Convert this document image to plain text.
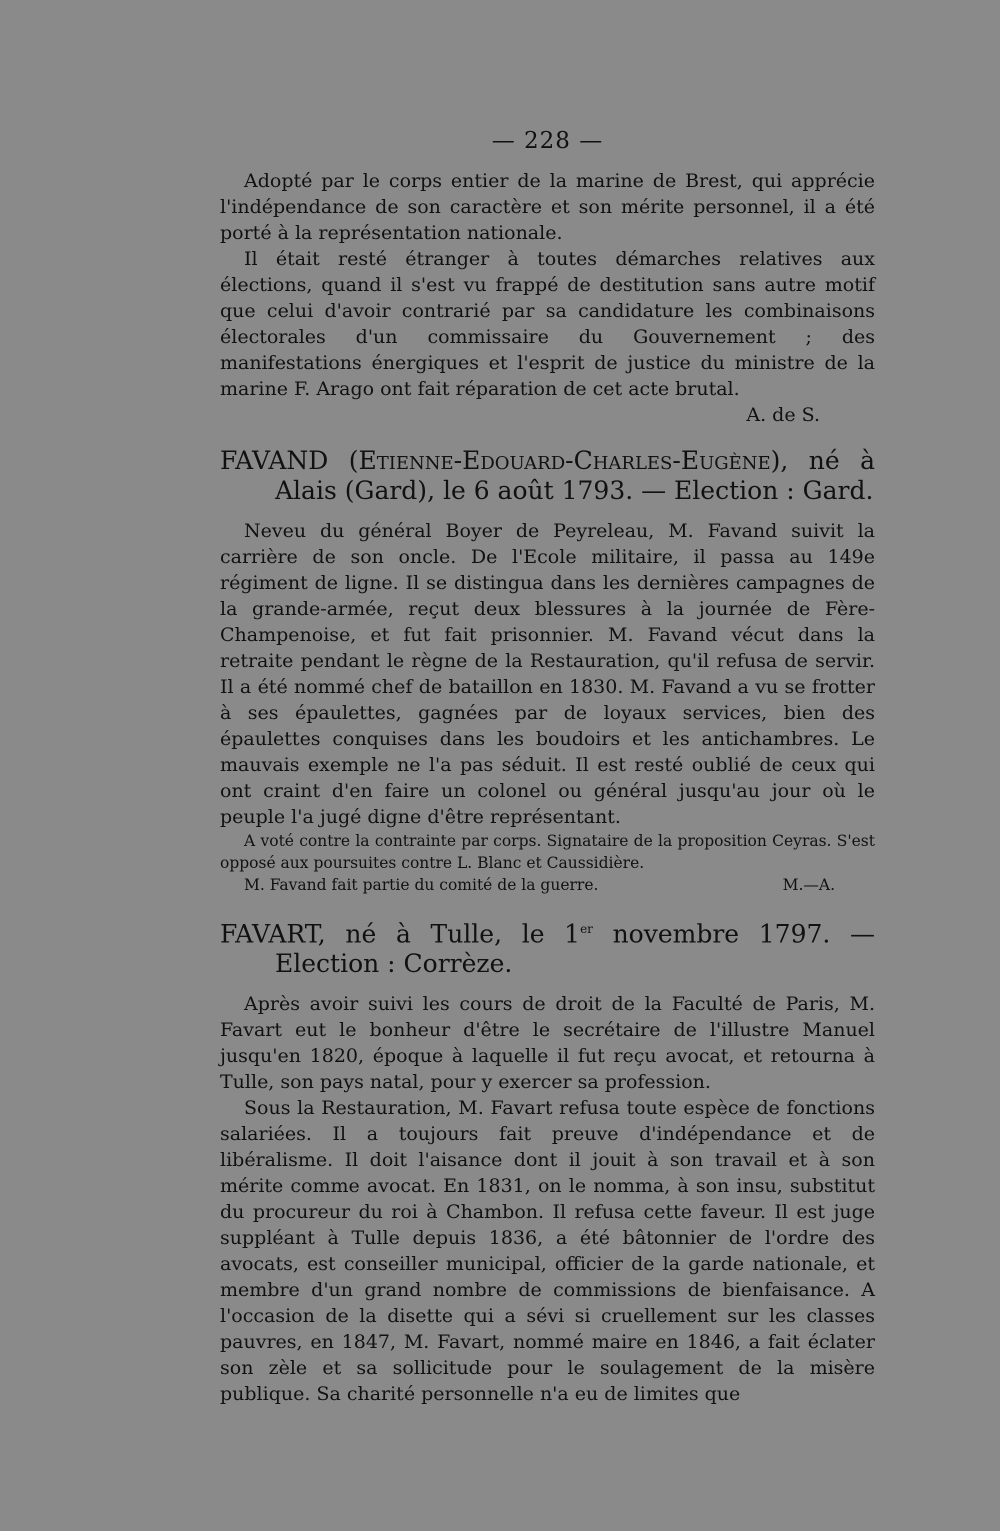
— 228 —

Adopté par le corps entier de la marine de Brest, qui apprécie l'indépendance de son caractère et son mérite personnel, il a été porté à la représentation nationale.

Il était resté étranger à toutes démarches relatives aux élections, quand il s'est vu frappé de destitution sans autre motif que celui d'avoir contrarié par sa candidature les combinaisons électorales d'un commissaire du Gouvernement ; des manifestations énergiques et l'esprit de justice du ministre de la marine F. Arago ont fait réparation de cet acte brutal.
A. de S.

FAVAND (Etienne-Edouard-Charles-Eugène), né à Alais (Gard), le 6 août 1793. — Election : Gard.

Neveu du général Boyer de Peyreleau, M. Favand suivit la carrière de son oncle. De l'Ecole militaire, il passa au 149e régiment de ligne. Il se distingua dans les dernières campagnes de la grande-armée, reçut deux blessures à la journée de Fère-Champenoise, et fut fait prisonnier. M. Favand vécut dans la retraite pendant le règne de la Restauration, qu'il refusa de servir. Il a été nommé chef de bataillon en 1830. M. Favand a vu se frotter à ses épaulettes, gagnées par de loyaux services, bien des épaulettes conquises dans les boudoirs et les antichambres. Le mauvais exemple ne l'a pas séduit. Il est resté oublié de ceux qui ont craint d'en faire un colonel ou général jusqu'au jour où le peuple l'a jugé digne d'être représentant.

A voté contre la contrainte par corps. Signataire de la proposition Ceyras. S'est opposé aux poursuites contre L. Blanc et Caussidière.
M. Favand fait partie du comité de la guerre.	M.—A.
FAVART, né à Tulle, le 1er novembre 1797. — Election : Corrèze.

Après avoir suivi les cours de droit de la Faculté de Paris, M. Favart eut le bonheur d'être le secrétaire de l'illustre Manuel jusqu'en 1820, époque à laquelle il fut reçu avocat, et retourna à Tulle, son pays natal, pour y exercer sa profession.

Sous la Restauration, M. Favart refusa toute espèce de fonctions salariées. Il a toujours fait preuve d'indépendance et de libéralisme. Il doit l'aisance dont il jouit à son travail et à son mérite comme avocat. En 1831, on le nomma, à son insu, substitut du procureur du roi à Chambon. Il refusa cette faveur. Il est juge suppléant à Tulle depuis 1836, a été bâtonnier de l'ordre des avocats, est conseiller municipal, officier de la garde nationale, et membre d'un grand nombre de commissions de bienfaisance. A l'occasion de la disette qui a sévi si cruellement sur les classes pauvres, en 1847, M. Favart, nommé maire en 1846, a fait éclater son zèle et sa sollicitude pour le soulagement de la misère publique. Sa charité personnelle n'a eu de limites que
